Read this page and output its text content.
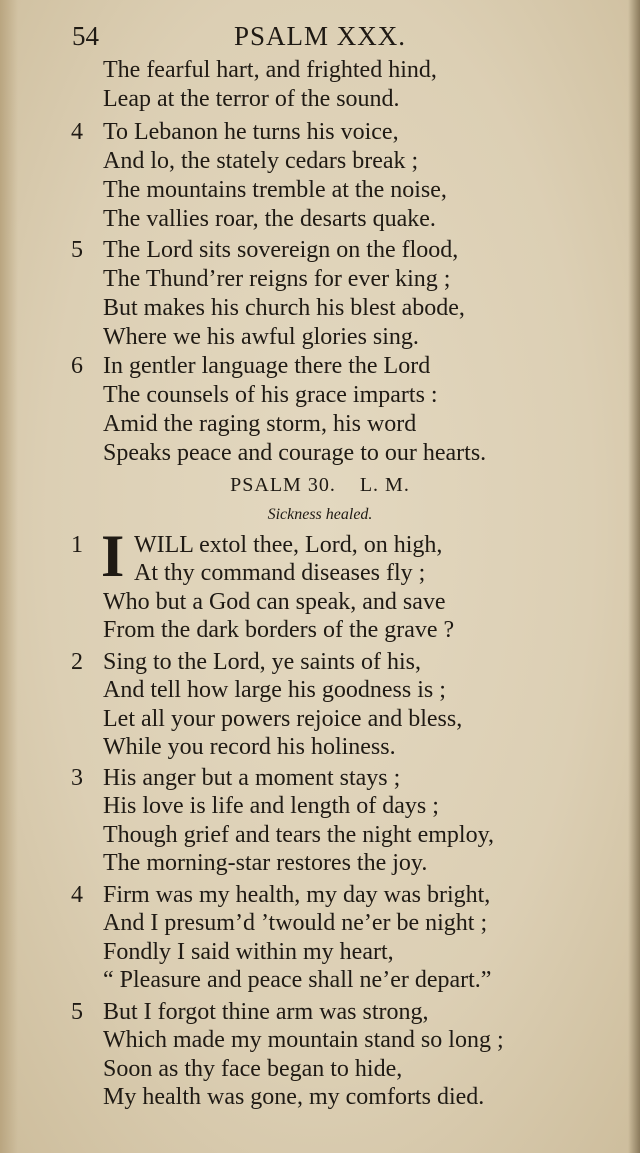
54	PSALM XXX.
The fearful hart, and frighted hind,
Leap at the terror of the sound.
4 To Lebanon he turns his voice,
And lo, the stately cedars break ;
The mountains tremble at the noise,
The vallies roar, the desarts quake.
5 The Lord sits sovereign on the flood,
The Thund’rer reigns for ever king ;
But makes his church his blest abode,
Where we his awful glories sing.
6 In gentler language there the Lord
The counsels of his grace imparts :
Amid the raging storm, his word
Speaks peace and courage to our hearts.
PSALM 30. L. M.
Sickness healed.
1 WILL extol thee, Lord, on high,
At thy command diseases fly ;
Who but a God can speak, and save
From the dark borders of the grave ?
I
2 Sing to the Lord, ye saints of his,
And tell how large his goodness is ;
Let all your powers rejoice and bless,
While you record his holiness.
3 His anger but a moment stays ;
His love is life and length of days ;
Though grief and tears the night employ,
The morning-star restores the joy.
4 Firm was my health, my day was bright,
And I presum’d ’twould ne’er be night ;
Fondly I said within my heart,
“ Pleasure and peace shall ne’er depart.”
5 But I forgot thine arm was strong,
Which made my mountain stand so long ;
Soon as thy face began to hide,
My health was gone, my comforts died.
